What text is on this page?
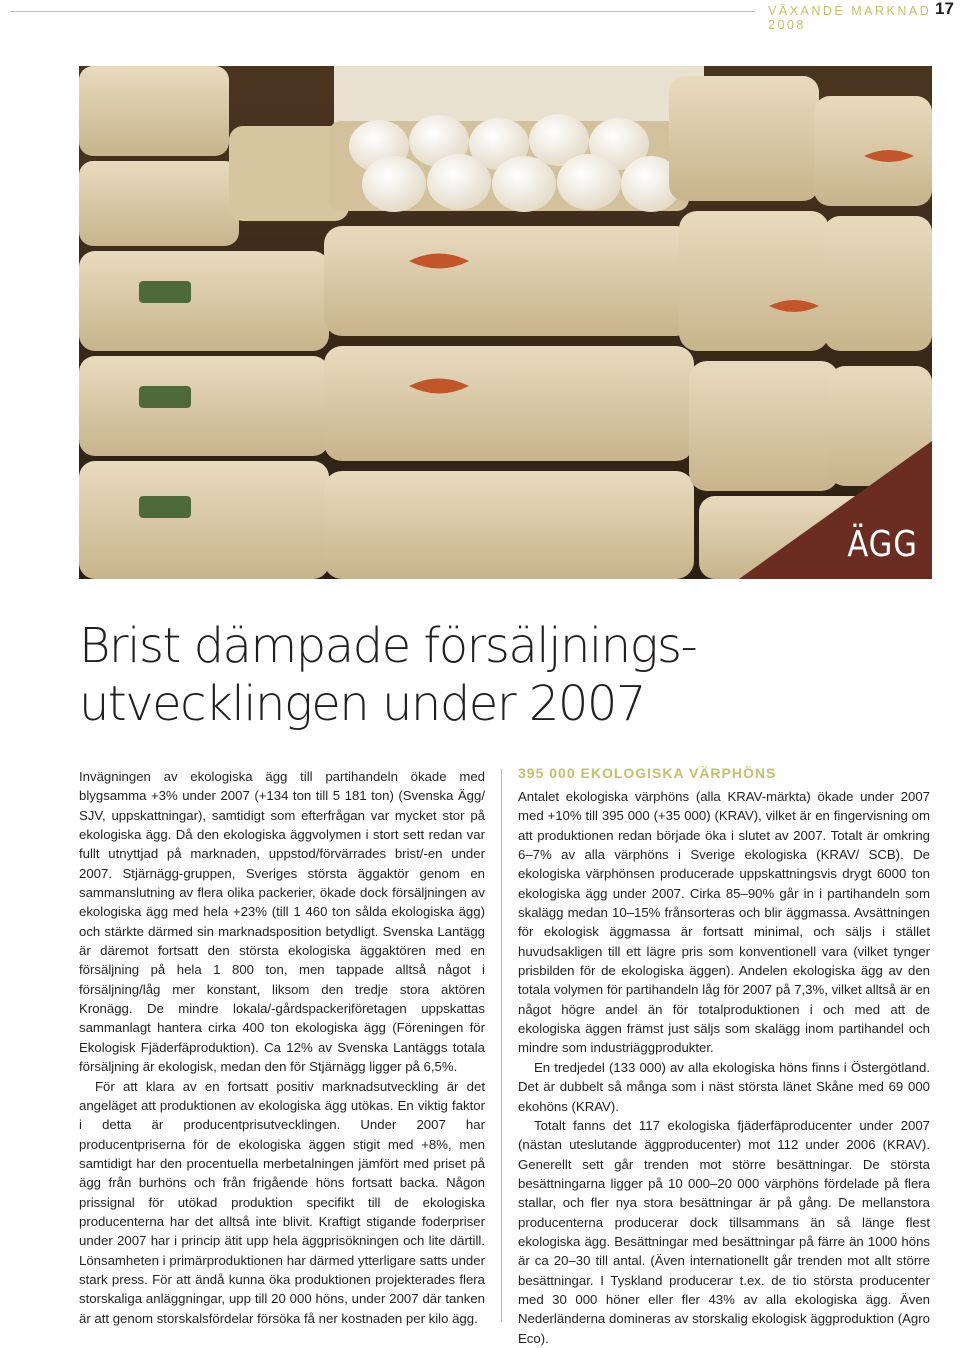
VÄXANDE MARKNAD 2008
17
ÄGG
Brist dämpade försäljnings-
utvecklingen under 2007

Invägningen av ekologiska ägg till partihandeln ökade med blygsamma +3% under 2007 (+134 ton till 5 181 ton) (Svenska Ägg/ SJV, uppskattningar), samtidigt som efterfrågan var mycket stor på ekologiska ägg. Då den ekologiska äggvolymen i stort sett redan var fullt utnyttjad på marknaden, uppstod/förvärrades brist/-en under 2007. Stjärnägg-gruppen, Sveriges största äggaktör genom en sammanslutning av flera olika packerier, ökade dock försäljningen av ekologiska ägg med hela +23% (till 1 460 ton sålda ekologiska ägg) och stärkte därmed sin marknadsposition betydligt. Svenska Lantägg är däremot fortsatt den största ekologiska äggaktören med en försäljning på hela 1 800 ton, men tappade alltså något i försäljning/låg mer konstant, liksom den tredje stora aktören Kronägg. De mindre lokala/-gårdspackeriföretagen uppskattas sammanlagt hantera cirka 400 ton ekologiska ägg (Föreningen för Ekologisk Fjäderfäproduktion). Ca 12% av Svenska Lantäggs totala försäljning är ekologisk, medan den för Stjärnägg ligger på 6,5%.

För att klara av en fortsatt positiv marknadsutveckling är det angeläget att produktionen av ekologiska ägg utökas. En viktig faktor i detta är producentprisutvecklingen. Under 2007 har producentpriserna för de ekologiska äggen stigit med +8%, men samtidigt har den procentuella merbetalningen jämfört med priset på ägg från burhöns och från frigående höns fortsatt backa. Någon prissignal för utökad produktion specifikt till de ekologiska producenterna har det alltså inte blivit. Kraftigt stigande foderpriser under 2007 har i princip ätit upp hela äggprisökningen och lite därtill. Lönsamheten i primärproduktionen har därmed ytterligare satts under stark press. För att ändå kunna öka produktionen projekterades flera storskaliga anläggningar, upp till 20 000 höns, under 2007 där tanken är att genom storskalsfördelar försöka få ner kostnaden per kilo ägg.

395 000 EKOLOGISKA VÄRPHÖNS

Antalet ekologiska värphöns (alla KRAV-märkta) ökade under 2007 med +10% till 395 000 (+35 000) (KRAV), vilket är en fingervisning om att produktionen redan började öka i slutet av 2007. Totalt är omkring 6–7% av alla värphöns i Sverige ekologiska (KRAV/ SCB). De ekologiska värphönsen producerade uppskattningsvis drygt 6000 ton ekologiska ägg under 2007. Cirka 85–90% går in i partihandeln som skalägg medan 10–15% frånsorteras och blir äggmassa. Avsättningen för ekologisk äggmassa är fortsatt minimal, och säljs i stället huvudsakligen till ett lägre pris som konventionell vara (vilket tynger prisbilden för de ekologiska äggen). Andelen ekologiska ägg av den totala volymen för partihandeln låg för 2007 på 7,3%, vilket alltså är en något högre andel än för totalproduktionen i och med att de ekologiska äggen främst just säljs som skalägg inom partihandel och mindre som industriäggprodukter.

En tredjedel (133 000) av alla ekologiska höns finns i Östergötland. Det är dubbelt så många som i näst största länet Skåne med 69 000 ekohöns (KRAV).

Totalt fanns det 117 ekologiska fjäderfäproducenter under 2007 (nästan uteslutande äggproducenter) mot 112 under 2006 (KRAV). Generellt sett går trenden mot större besättningar. De största besättningarna ligger på 10 000–20 000 värphöns fördelade på flera stallar, och fler nya stora besättningar är på gång. De mellanstora producenterna producerar dock tillsammans än så länge flest ekologiska ägg. Besättningar med besättningar på färre än 1000 höns är ca 20–30 till antal. (Även internationellt går trenden mot allt större besättningar. I Tyskland producerar t.ex. de tio största producenter med 30 000 höner eller fler 43% av alla ekologiska ägg. Även Nederländerna domineras av storskalig ekologisk äggproduktion (Agro Eco).
